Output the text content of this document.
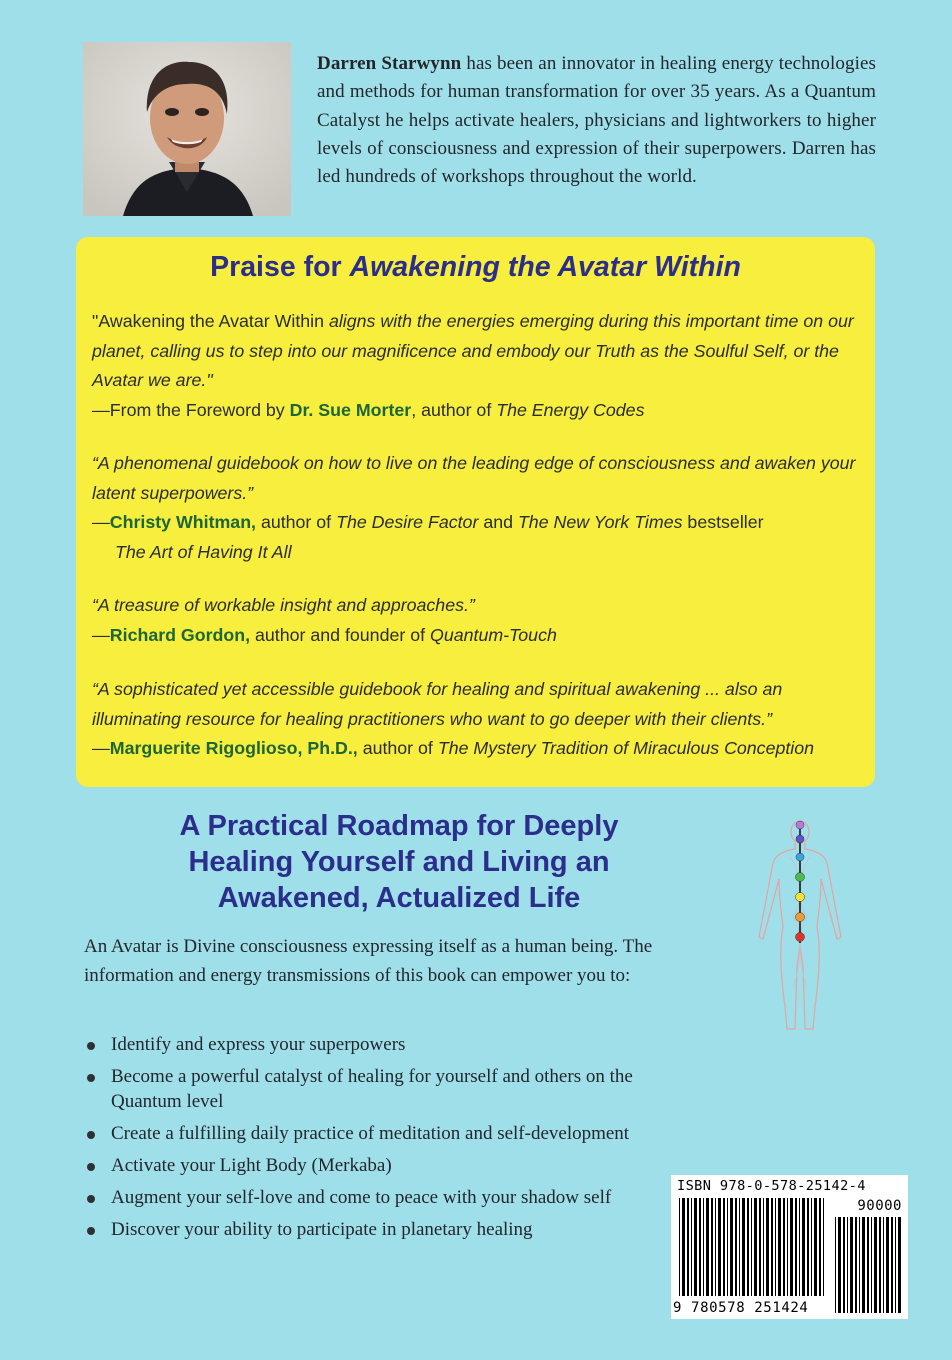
Darren Starwynn has been an innovator in healing energy technologies and methods for human transformation for over 35 years. As a Quantum Catalyst he helps activate healers, physicians and lightworkers to higher levels of consciousness and expression of their superpowers. Darren has led hundreds of workshops throughout the world.
Praise for Awakening the Avatar Within
"Awakening the Avatar Within aligns with the energies emerging during this important time on our planet, calling us to step into our magnificence and embody our Truth as the Soulful Self, or the Avatar we are."
—From the Foreword by Dr. Sue Morter, author of The Energy Codes
“A phenomenal guidebook on how to live on the leading edge of consciousness and awaken your latent superpowers.”
—Christy Whitman, author of The Desire Factor and The New York Times bestseller
The Art of Having It All
“A treasure of workable insight and approaches.”
—Richard Gordon, author and founder of Quantum-Touch
“A sophisticated yet accessible guidebook for healing and spiritual awakening ... also an illuminating resource for healing practitioners who want to go deeper with their clients.”
—Marguerite Rigoglioso, Ph.D., author of The Mystery Tradition of Miraculous Conception
A Practical Roadmap for Deeply
Healing Yourself and Living an
Awakened, Actualized Life
An Avatar is Divine consciousness expressing itself as a human being. The information and energy transmissions of this book can empower you to:
Identify and express your superpowers
Become a powerful catalyst of healing for yourself and others on the Quantum level
Create a fulfilling daily practice of meditation and self-development
Activate your Light Body (Merkaba)
Augment your self-love and come to peace with your shadow self
Discover your ability to participate in planetary healing
ISBN 978-0-578-25142-4
90000
9 780578 251424
